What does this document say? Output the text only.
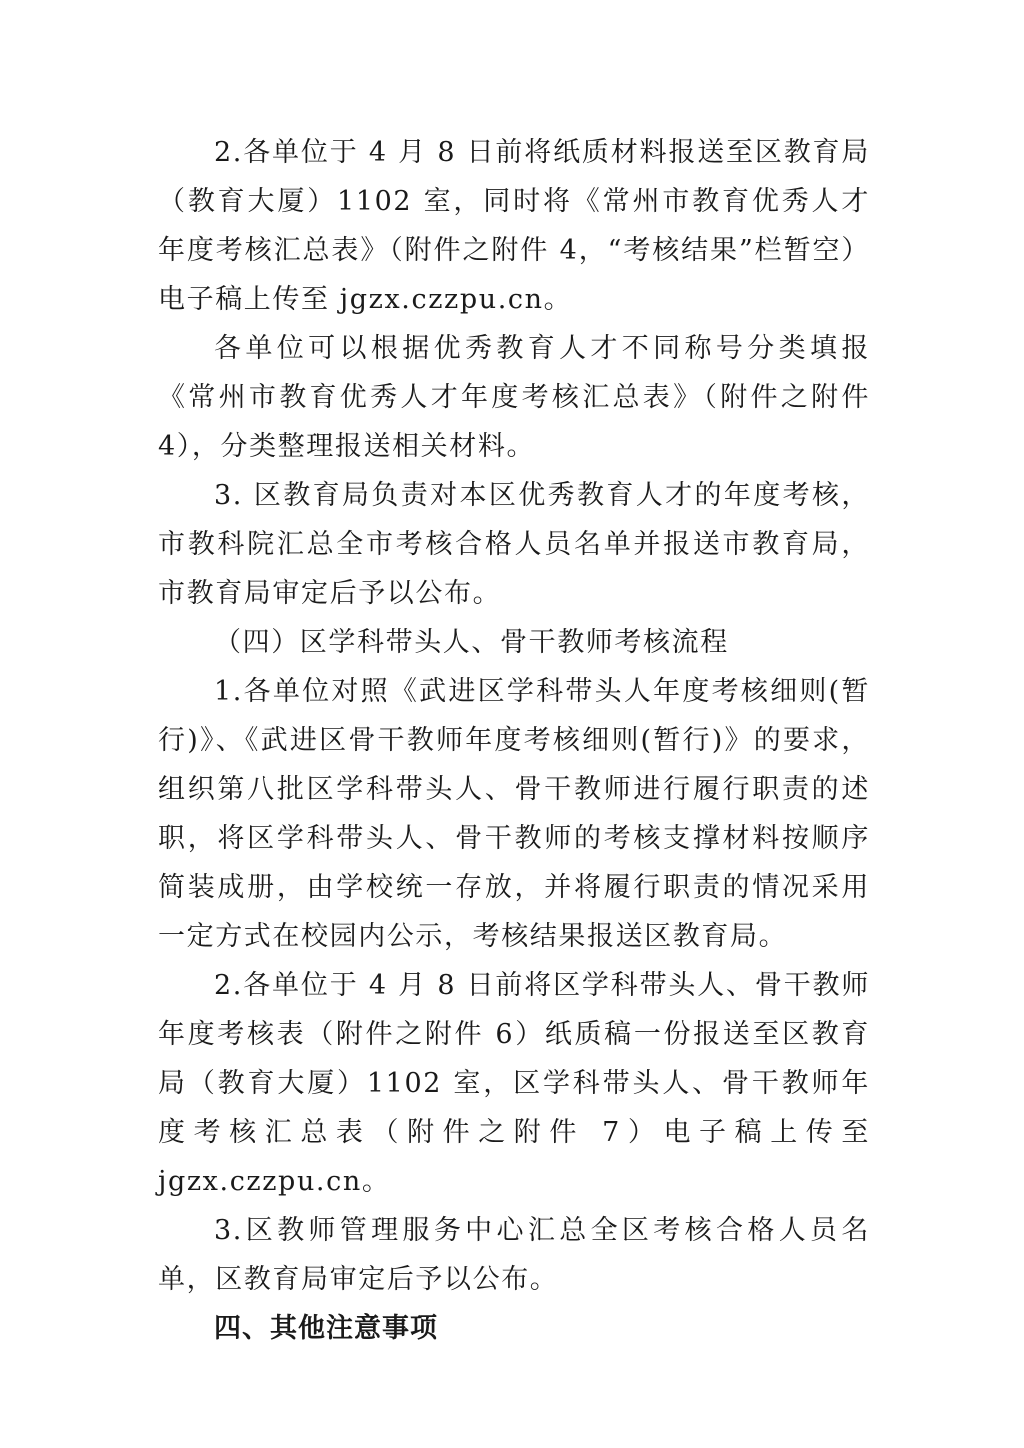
2.各单位于 4 月 8 日前将纸质材料报送至区教育局（教育大厦）1102 室，同时将《常州市教育优秀人才年度考核汇总表》（附件之附件 4，“考核结果”栏暂空）电子稿上传至 jgzx.czzpu.cn。

各单位可以根据优秀教育人才不同称号分类填报《常州市教育优秀人才年度考核汇总表》（附件之附件 4），分类整理报送相关材料。

3. 区教育局负责对本区优秀教育人才的年度考核，市教科院汇总全市考核合格人员名单并报送市教育局，市教育局审定后予以公布。

（四）区学科带头人、骨干教师考核流程

1.各单位对照《武进区学科带头人年度考核细则(暂行)》、《武进区骨干教师年度考核细则(暂行)》的要求，组织第八批区学科带头人、骨干教师进行履行职责的述职，将区学科带头人、骨干教师的考核支撑材料按顺序简装成册，由学校统一存放，并将履行职责的情况采用一定方式在校园内公示，考核结果报送区教育局。

2.各单位于 4 月 8 日前将区学科带头人、骨干教师年度考核表（附件之附件 6）纸质稿一份报送至区教育局（教育大厦）1102 室，区学科带头人、骨干教师年度考核汇总表（附件之附件 7）电子稿上传至 jgzx.czzpu.cn。

3.区教师管理服务中心汇总全区考核合格人员名单，区教育局审定后予以公布。

四、其他注意事项
